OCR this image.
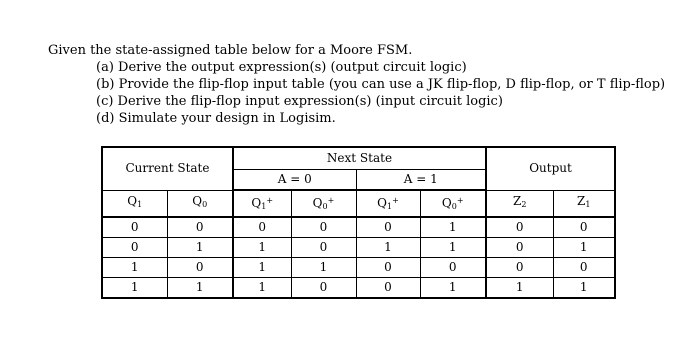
Given the state-assigned table below for a Moore FSM.
(a) Derive the output expression(s) (output circuit logic)
(b) Provide the flip-flop input table (you can use a JK flip-flop, D flip-flop, or T flip-flop)
(c) Derive the flip-flop input expression(s) (input circuit logic)
(d) Simulate your design in Logisim.
Current State		Next State				Output	
		A = 0		A = 1			
$Q_1$	$Q_0$	$Q_1^+$	$Q_0^+$	$Q_1^+$	$Q_0^+$	$Z_2$	$Z_1$
0	0	0	0	0	1	0	0
0	1	1	0	1	1	0	1
1	0	1	1	0	0	0	0
1	1	1	0	0	1	1	1
